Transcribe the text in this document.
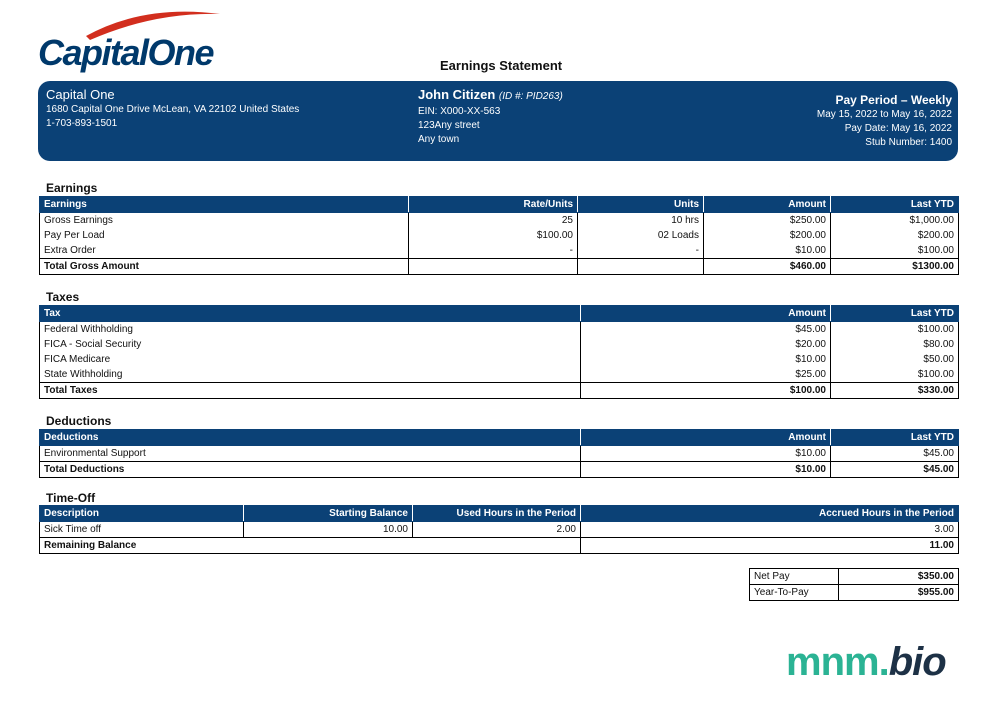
CapitalOne	Earnings Statement
Capital One
1680 Capital One Drive McLean, VA 22102 United States
1-703-893-1501
John Citizen (ID #: PID263)
EIN: X000-XX-563
123Any street
Any town
Pay Period – Weekly
May 15, 2022 to May 16, 2022
Pay Date: May 16, 2022
Stub Number: 1400
Earnings
Earnings	Rate/Units	Units	Amount	Last YTD
Gross Earnings	25	10 hrs	$250.00	$1,000.00
Pay Per Load	$100.00	02 Loads	$200.00	$200.00
Extra Order	-	-	$10.00	$100.00
Total Gross Amount			$460.00	$1300.00
Taxes
Tax	Amount	Last YTD
Federal Withholding	$45.00	$100.00
FICA - Social Security	$20.00	$80.00
FICA Medicare	$10.00	$50.00
State Withholding	$25.00	$100.00
Total Taxes	$100.00	$330.00
Deductions
Deductions	Amount	Last YTD
Environmental Support	$10.00	$45.00
Total Deductions	$10.00	$45.00
Time-Off
Description	Starting Balance	Used Hours in the Period	Accrued Hours in the Period
Sick Time off	10.00	2.00	3.00
Remaining Balance			11.00
Net Pay	$350.00
Year-To-Pay	$955.00
mnm.bio
